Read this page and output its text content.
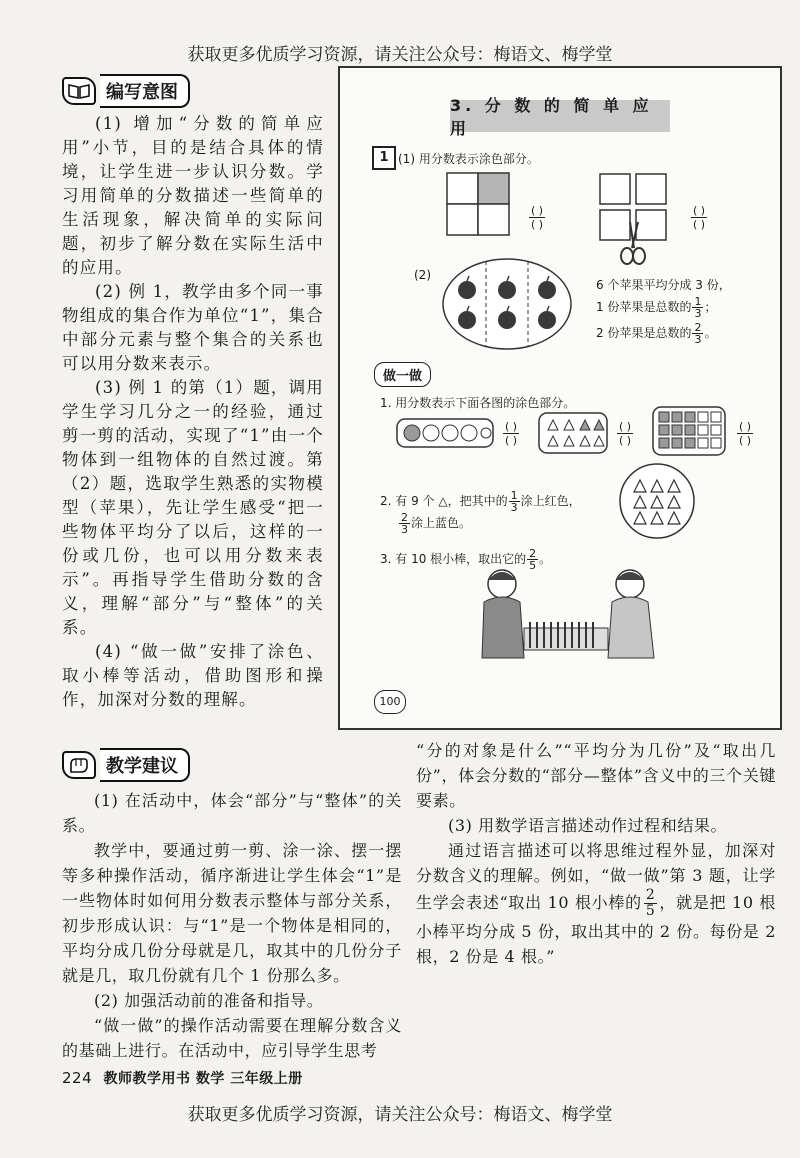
获取更多优质学习资源，请关注公众号：梅语文、梅学堂
编写意图

(1) 增加“分数的简单应用”小节，目的是结合具体的情境，让学生进一步认识分数。学习用简单的分数描述一些简单的生活现象，解决简单的实际问题，初步了解分数在实际生活中的应用。

(2) 例 1，教学由多个同一事物组成的集合作为单位“1”，集合中部分元素与整个集合的关系也可以用分数来表示。

(3) 例 1 的第（1）题，调用学生学习几分之一的经验，通过剪一剪的活动，实现了“1”由一个物体到一组物体的自然过渡。第（2）题，选取学生熟悉的实物模型（苹果），先让学生感受“把一些物体平均分了以后，这样的一份或几份，也可以用分数来表示”。再指导学生借助分数的含义，理解“部分”与“整体”的关系。

(4) “做一做”安排了涂色、取小棒等活动，借助图形和操作，加深对分数的理解。

3. 分 数 的 简 单 应 用
1 (1) 用分数表示涂色部分。
( )
( )
( )
( )
(2)
6 个苹果平均分成 3 份，
1 份苹果是总数的 $\frac{1}{3}$ ；
2 份苹果是总数的 $\frac{2}{3}$ 。
做一做
1. 用分数表示下面各图的涂色部分。
( )
( )
( )
( )
( )
( )
2. 有 9 个 △，把其中的 $\frac{1}{3}$ 涂上红色，
$\frac{2}{3}$ 涂上蓝色。
3. 有 10 根小棒，取出它的 $\frac{2}{5}$ 。
100
教学建议

(1) 在活动中，体会“部分”与“整体”的关系。

教学中，要通过剪一剪、涂一涂、摆一摆等多种操作活动，循序渐进让学生体会“1”是一些物体时如何用分数表示整体与部分关系，初步形成认识：与“1”是一个物体是相同的，平均分成几份分母就是几，取其中的几份分子就是几，取几份就有几个 1 份那么多。

(2) 加强活动前的准备和指导。

“做一做”的操作活动需要在理解分数含义的基础上进行。在活动中，应引导学生思考

“分的对象是什么”“平均分为几份”及“取出几份”，体会分数的“部分—整体”含义中的三个关键要素。

(3) 用数学语言描述动作过程和结果。

通过语言描述可以将思维过程外显，加深对分数含义的理解。例如，“做一做”第 3 题，让学生学会表述“取出 10 根小棒的 $\frac{2}{5}$ ，就是把 10 根小棒平均分成 5 份，取出其中的 2 份。每份是 2 根，2 份是 4 根。”

224 教师教学用书 数学 三年级上册
获取更多优质学习资源，请关注公众号：梅语文、梅学堂
